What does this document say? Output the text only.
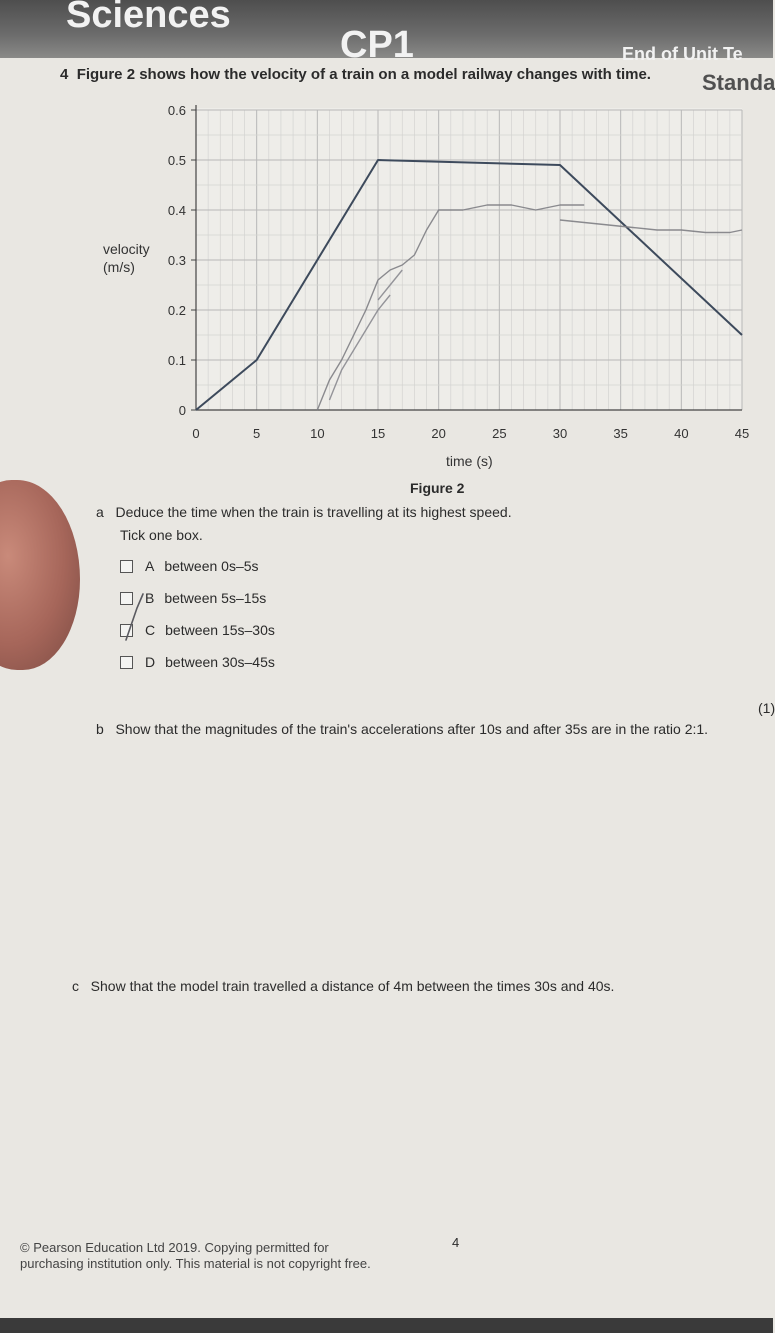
Sciences
CP1	End of Unit Te
Standa
4 Figure 2 shows how the velocity of a train on a model railway changes with time.
0
0.1
0.2
0.3
0.4
0.5
0.6
0	5	10	15	20	25	30	35	40	45
velocity
(m/s)
time (s)
Figure 2
a Deduce the time when the train is travelling at its highest speed.
Tick one box.
A between 0s–5s
B between 5s–15s
C between 15s–30s
D between 30s–45s
(1)
b Show that the magnitudes of the train's accelerations after 10s and after 35s are in the ratio 2:1.
c Show that the model train travelled a distance of 4m between the times 30s and 40s.
© Pearson Education Ltd 2019. Copying permitted for
purchasing institution only. This material is not copyright free.
4
